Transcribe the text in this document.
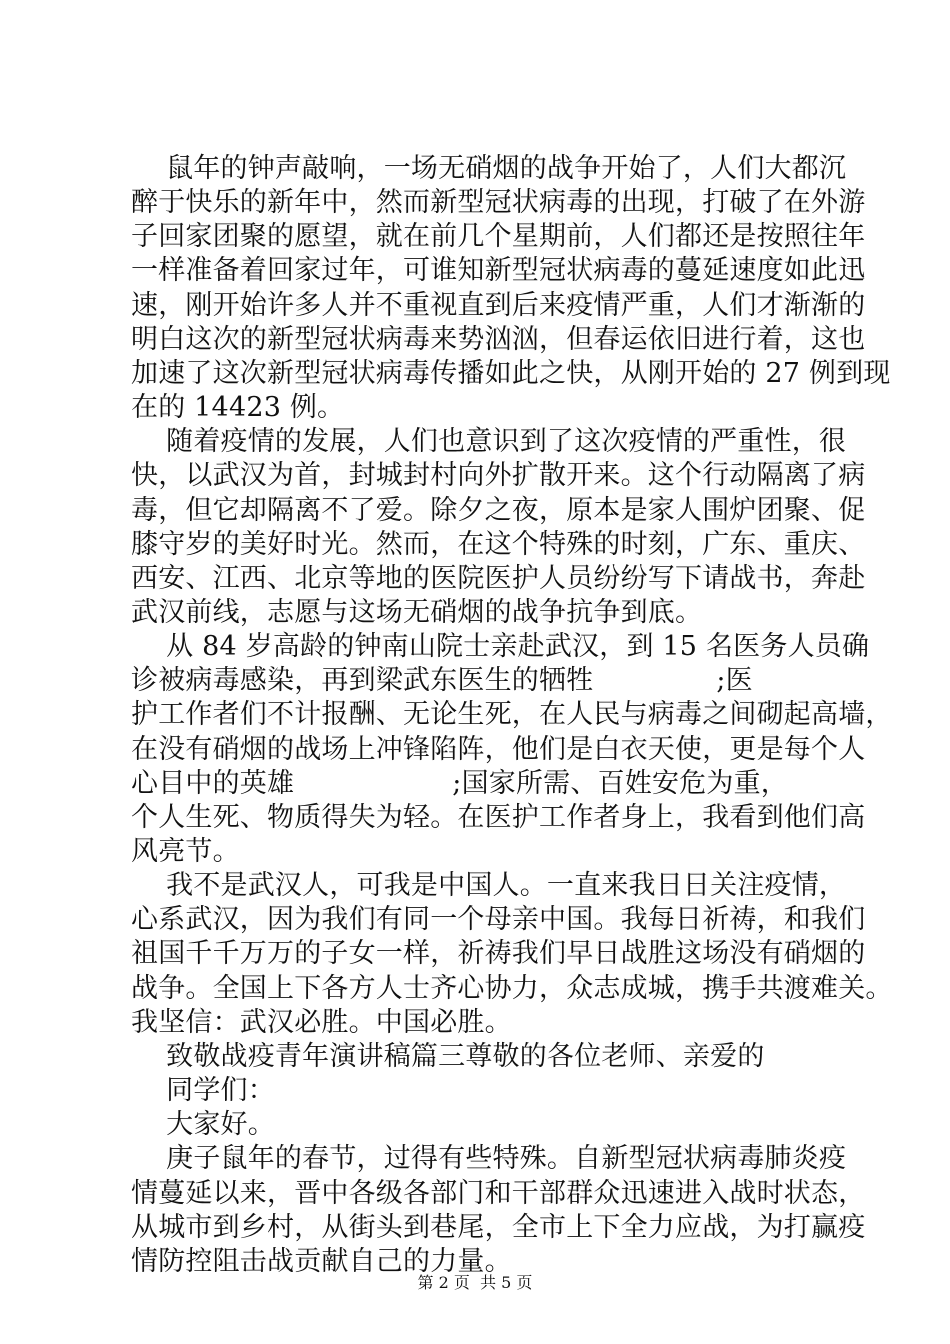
鼠年的钟声敲响，一场无硝烟的战争开始了，人们大都沉
醉于快乐的新年中，然而新型冠状病毒的出现，打破了在外游
子回家团聚的愿望，就在前几个星期前，人们都还是按照往年
一样准备着回家过年，可谁知新型冠状病毒的蔓延速度如此迅
速，刚开始许多人并不重视直到后来疫情严重，人们才渐渐的
明白这次的新型冠状病毒来势汹汹，但春运依旧进行着，这也
加速了这次新型冠状病毒传播如此之快，从刚开始的 27 例到现
在的 14423 例。
随着疫情的发展，人们也意识到了这次疫情的严重性，很
快，以武汉为首，封城封村向外扩散开来。这个行动隔离了病
毒，但它却隔离不了爱。除夕之夜，原本是家人围炉团聚、促
膝守岁的美好时光。然而，在这个特殊的时刻，广东、重庆、
西安、江西、北京等地的医院医护人员纷纷写下请战书，奔赴
武汉前线，志愿与这场无硝烟的战争抗争到底。
从 84 岁高龄的钟南山院士亲赴武汉，到 15 名医务人员确
诊被病毒感染，再到梁武东医生的牺牲              ;医
护工作者们不计报酬、无论生死，在人民与病毒之间砌起高墙，
在没有硝烟的战场上冲锋陷阵，他们是白衣天使，更是每个人
心目中的英雄                  ;国家所需、百姓安危为重，
个人生死、物质得失为轻。在医护工作者身上，我看到他们高
风亮节。
我不是武汉人，可我是中国人。一直来我日日关注疫情，
心系武汉，因为我们有同一个母亲中国。我每日祈祷，和我们
祖国千千万万的子女一样，祈祷我们早日战胜这场没有硝烟的
战争。全国上下各方人士齐心协力，众志成城，携手共渡难关。
我坚信：武汉必胜。中国必胜。
致敬战疫青年演讲稿篇三尊敬的各位老师、亲爱的
同学们：
大家好。
庚子鼠年的春节，过得有些特殊。自新型冠状病毒肺炎疫
情蔓延以来，晋中各级各部门和干部群众迅速进入战时状态，
从城市到乡村，从街头到巷尾，全市上下全力应战，为打赢疫
情防控阻击战贡献自己的力量。
第 2 页  共 5 页
